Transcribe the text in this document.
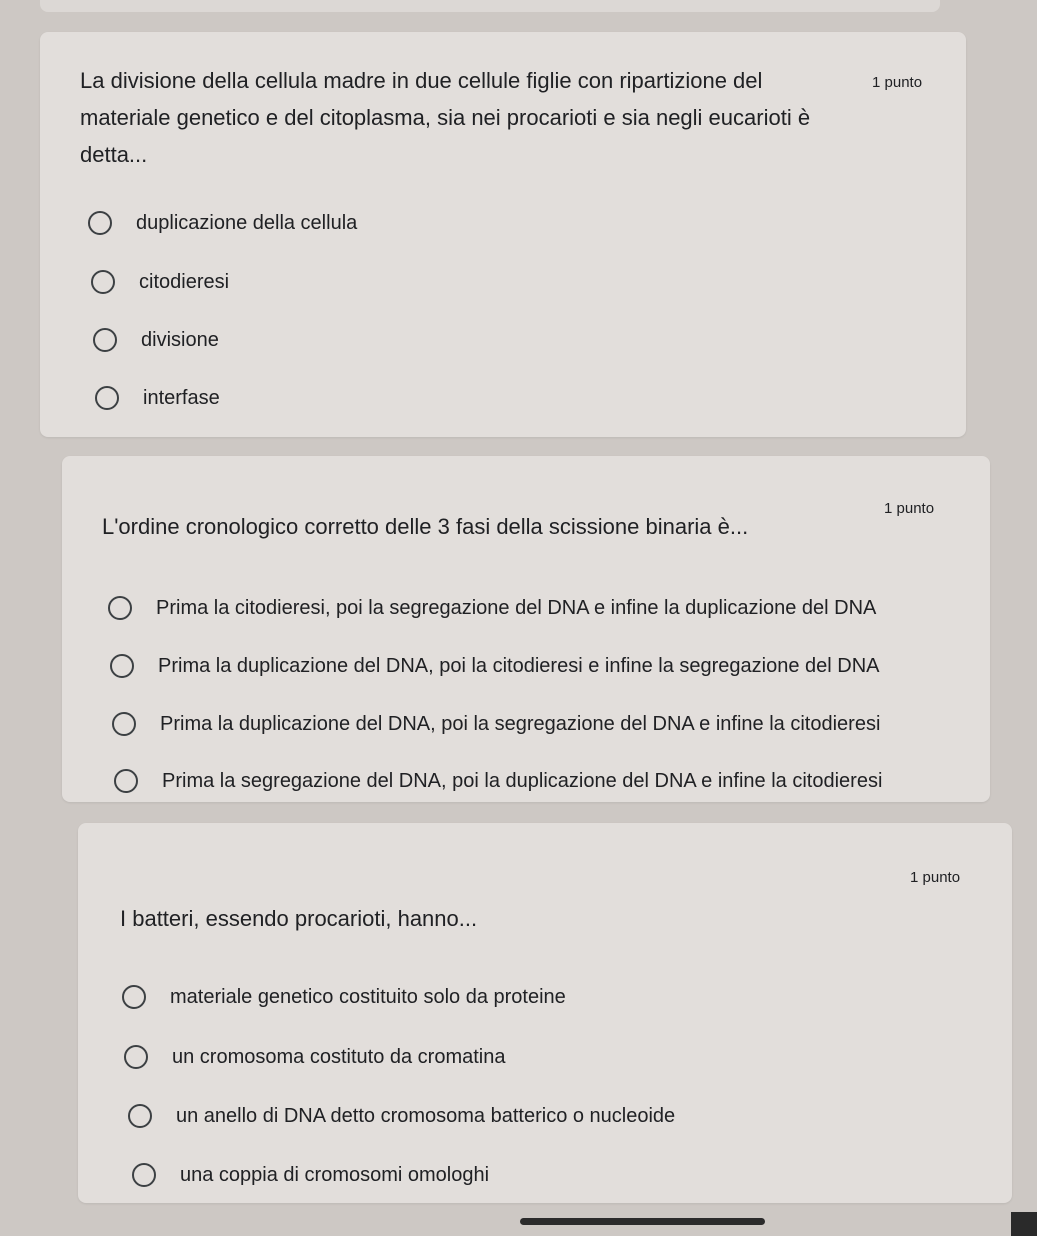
La divisione della cellula madre in due cellule figlie con ripartizione del materiale genetico e del citoplasma, sia nei procarioti e sia negli eucarioti è detta...

1 punto
duplicazione della cellula
citodieresi
divisione
interfase

L'ordine cronologico corretto delle 3 fasi della scissione binaria è...

1 punto
Prima la citodieresi, poi la segregazione del DNA e infine la duplicazione del DNA
Prima la duplicazione del DNA, poi la citodieresi e infine la segregazione del DNA
Prima la duplicazione del DNA, poi la segregazione del DNA e infine la citodieresi
Prima la segregazione del DNA, poi la duplicazione del DNA e infine la citodieresi

I batteri, essendo procarioti, hanno...

1 punto
materiale genetico costituito solo da proteine
un cromosoma costituto da cromatina
un anello di DNA detto cromosoma batterico o nucleoide
una coppia di cromosomi omologhi
